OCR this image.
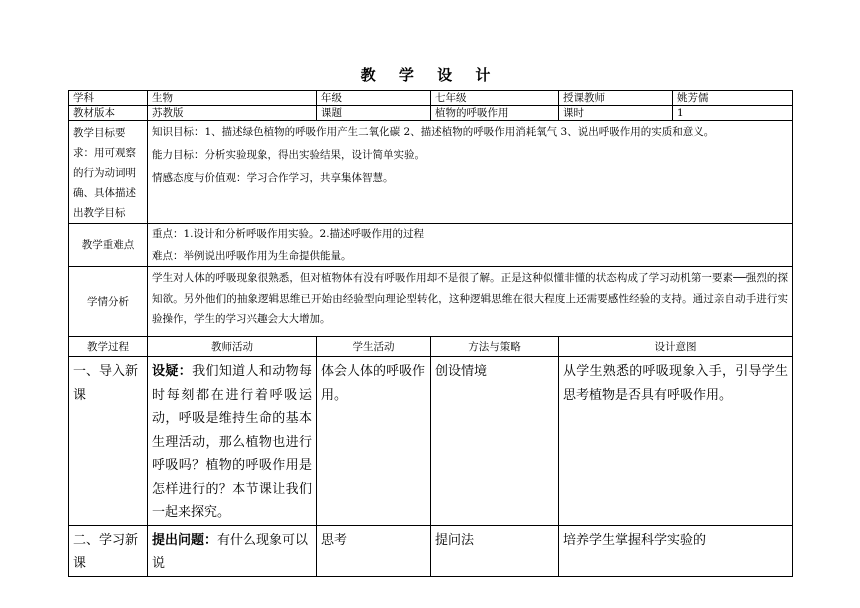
教 学 设 计
学科	生物	年级	七年级	授课教师	姚芳儒
教材版本	苏教版	课题	植物的呼吸作用	课时	1
教学目标要求：用可观察的行为动词明确、具体描述出教学目标	知识目标：1、描述绿色植物的呼吸作用产生二氧化碳 2、描述植物的呼吸作用消耗氧气 3、说出呼吸作用的实质和意义。
能力目标：分析实验现象，得出实验结果，设计简单实验。
情感态度与价值观：学习合作学习，共享集体智慧。				

教学重难点	重点：1.设计和分析呼吸作用实验。2.描述呼吸作用的过程
难点：举例说出呼吸作用为生命提供能量。				

学情分析	学生对人体的呼吸现象很熟悉，但对植物体有没有呼吸作用却不是很了解。正是这种似懂非懂的状态构成了学习动机第一要素──强烈的探知欲。另外他们的抽象逻辑思维已开始由经验型向理论型转化，这种逻辑思维在很大程度上还需要感性经验的支持。通过亲自动手进行实验操作，学生的学习兴趣会大大增加。				
教学过程	教师活动	学生活动	方法与策略	设计意图	
一、导入新课	设疑：我们知道人和动物每时每刻都在进行着呼吸运动，呼吸是维持生命的基本生理活动，那么植物也进行呼吸吗？植物的呼吸作用是怎样进行的？本节课让我们一起来探究。	体会人体的呼吸作用。	创设情境	从学生熟悉的呼吸现象入手，引导学生思考植物是否具有呼吸作用。	
二、学习新课	提出问题：有什么现象可以说	思考	提问法	培养学生掌握科学实验的	
